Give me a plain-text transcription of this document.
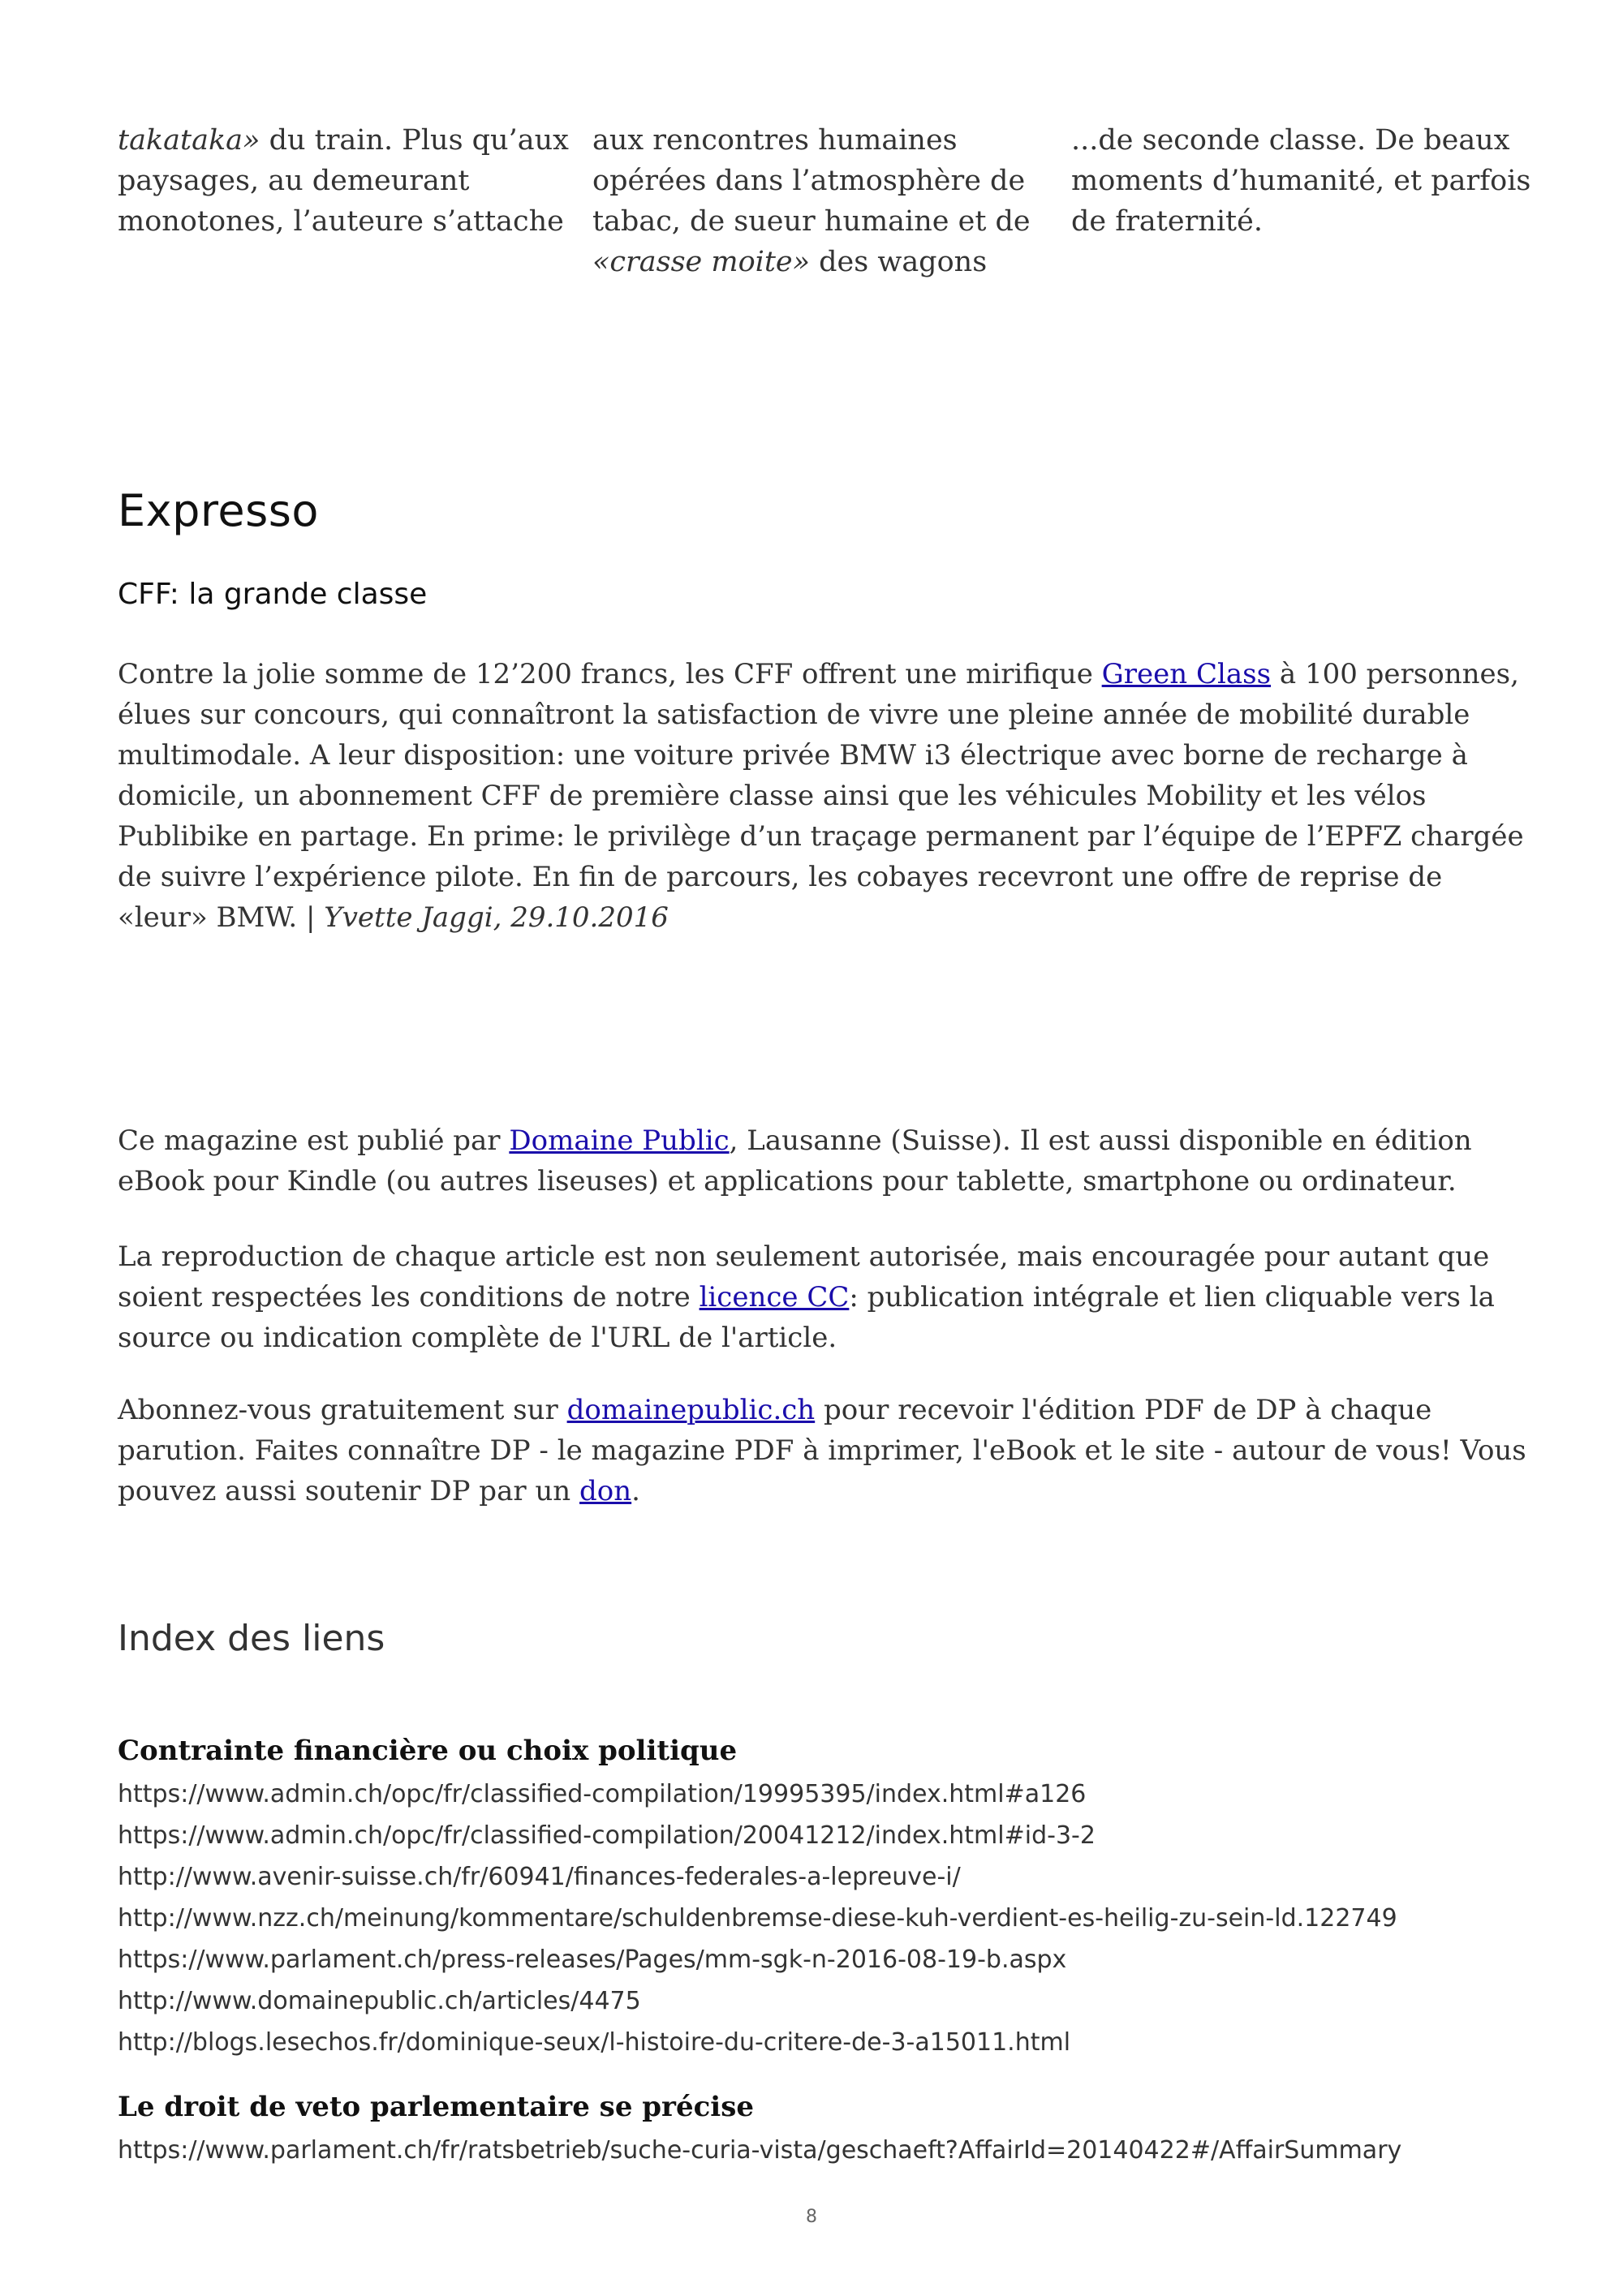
takataka» du train. Plus qu’aux
paysages, au demeurant
monotones, l’auteure s’attache
aux rencontres humaines
opérées dans l’atmosphère de
tabac, de sueur humaine et de
«crasse moite» des wagons
...de seconde classe. De beaux
moments d’humanité, et parfois
de fraternité.
Expresso
CFF: la grande classe
Contre la jolie somme de 12’200 francs, les CFF offrent une mirifique Green Class à 100 personnes,
élues sur concours, qui connaîtront la satisfaction de vivre une pleine année de mobilité durable
multimodale. A leur disposition: une voiture privée BMW i3 électrique avec borne de recharge à
domicile, un abonnement CFF de première classe ainsi que les véhicules Mobility et les vélos
Publibike en partage. En prime: le privilège d’un traçage permanent par l’équipe de l’EPFZ chargée
de suivre l’expérience pilote. En fin de parcours, les cobayes recevront une offre de reprise de
«leur» BMW. | Yvette Jaggi, 29.10.2016
Ce magazine est publié par Domaine Public, Lausanne (Suisse). Il est aussi disponible en édition
eBook pour Kindle (ou autres liseuses) et applications pour tablette, smartphone ou ordinateur.
La reproduction de chaque article est non seulement autorisée, mais encouragée pour autant que
soient respectées les conditions de notre licence CC: publication intégrale et lien cliquable vers la
source ou indication complète de l'URL de l'article.
Abonnez-vous gratuitement sur domainepublic.ch pour recevoir l'édition PDF de DP à chaque
parution. Faites connaître DP - le magazine PDF à imprimer, l'eBook et le site - autour de vous! Vous
pouvez aussi soutenir DP par un don.
Index des liens
Contrainte financière ou choix politique
https://www.admin.ch/opc/fr/classified-compilation/19995395/index.html#a126
https://www.admin.ch/opc/fr/classified-compilation/20041212/index.html#id-3-2
http://www.avenir-suisse.ch/fr/60941/finances-federales-a-lepreuve-i/
http://www.nzz.ch/meinung/kommentare/schuldenbremse-diese-kuh-verdient-es-heilig-zu-sein-ld.122749
https://www.parlament.ch/press-releases/Pages/mm-sgk-n-2016-08-19-b.aspx
http://www.domainepublic.ch/articles/4475
http://blogs.lesechos.fr/dominique-seux/l-histoire-du-critere-de-3-a15011.html
Le droit de veto parlementaire se précise
https://www.parlament.ch/fr/ratsbetrieb/suche-curia-vista/geschaeft?AffairId=20140422#/AffairSummary
8
